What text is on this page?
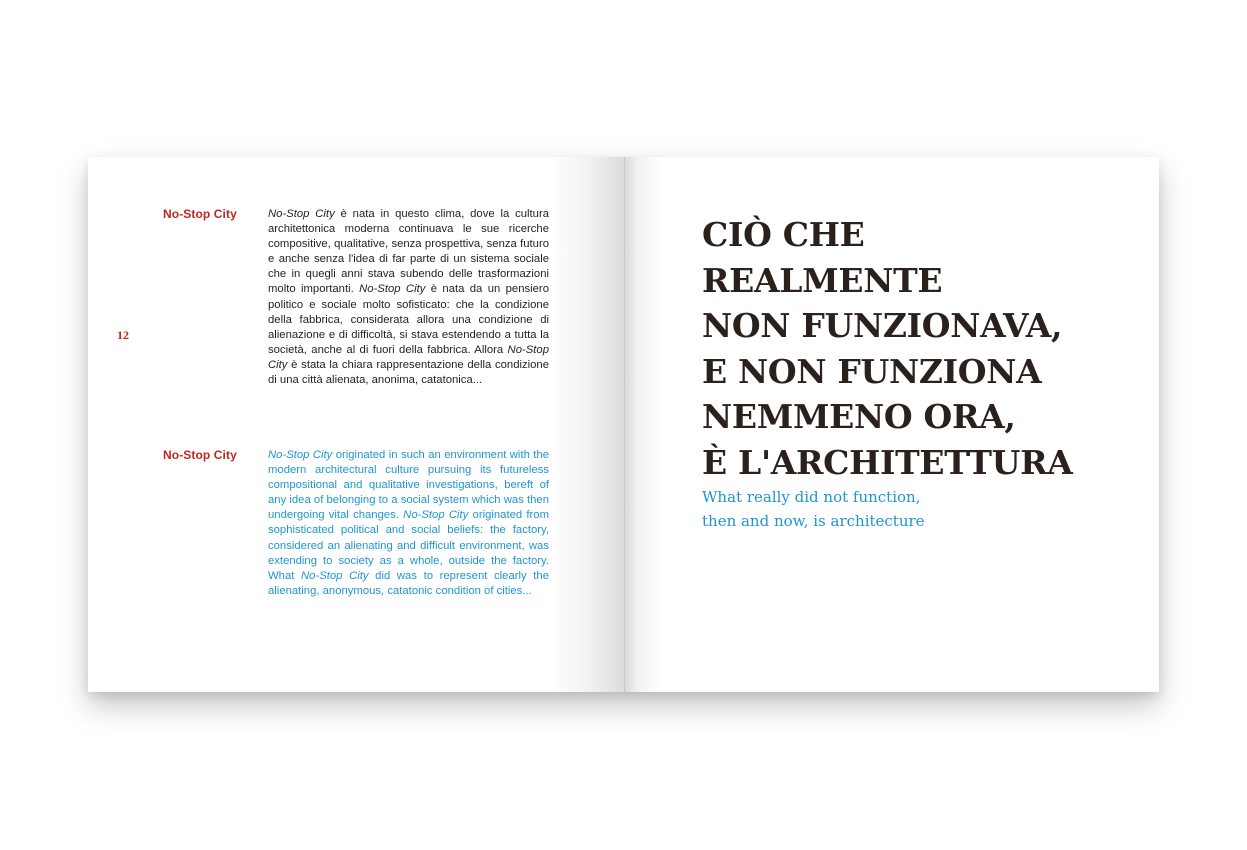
No-Stop City
12
No-Stop City è nata in questo clima, dove la cultura architettonica moderna continuava le sue ricerche compositive, qualitative, senza prospettiva, senza futuro e anche senza l'idea di far parte di un sistema sociale che in quegli anni stava subendo delle trasformazioni molto importanti. No-Stop City è nata da un pensiero politico e sociale molto sofisticato: che la condizione della fabbrica, considerata allora una condizione di alienazione e di difficoltà, si stava estendendo a tutta la società, anche al di fuori della fabbrica. Allora No-Stop City è stata la chiara rappresentazione della condizione di una città alienata, anonima, catatonica...
No-Stop City	No-Stop City originated in such an environment with the modern architectural culture pursuing its futureless compositional and qualitative investigations, bereft of any idea of belonging to a social system which was then undergoing vital changes. No-Stop City originated from sophisticated political and social beliefs: the factory, considered an alienating and difficult environment, was extending to society as a whole, outside the factory. What No-Stop City did was to represent clearly the alienating, anonymous, catatonic condition of cities...
CIÒ CHE
REALMENTE
NON FUNZIONAVA,
E NON FUNZIONA
NEMMENO ORA,
È L'ARCHITETTURA
What really did not function,
then and now, is architecture
